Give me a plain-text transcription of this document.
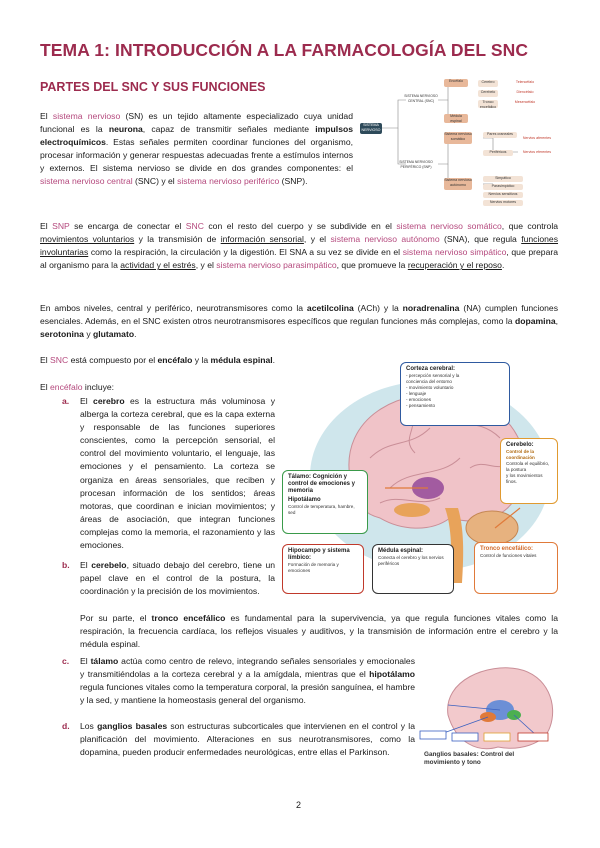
TEMA 1: INTRODUCCIÓN A LA FARMACOLOGÍA DEL SNC
PARTES DEL SNC Y SUS FUNCIONES
El sistema nervioso (SN) es un tejido altamente especializado cuya unidad funcional es la neurona, capaz de transmitir señales mediante impulsos electroquímicos. Estas señales permiten coordinar funciones del organismo, procesar información y generar respuestas adecuadas frente a estímulos internos y externos. El sistema nervioso se divide en dos grandes componentes: el sistema nervioso central (SNC) y el sistema nervioso periférico (SNP).
SISTEMA NERVIOSO
SISTEMA NERVIOSO CENTRAL (SNC)
SISTEMA NERVIOSO PERIFÉRICO (SNP)
Encéfalo
Médula espinal
Cerebro
Cerebelo
Tronco encefálico
Telencéfalo
Diencéfalo
Mesencéfalo
Sistema nervioso somático
Sistema nervioso autónomo
Pares craneales
Nervios aferentes
Periféricos	Nervios eferentes
Simpático
Parasimpático
Nervios sensitivos
Nervios motores
El SNP se encarga de conectar el SNC con el resto del cuerpo y se subdivide en el sistema nervioso somático, que controla movimientos voluntarios y la transmisión de información sensorial, y el sistema nervioso autónomo (SNA), que regula funciones involuntarias como la respiración, la circulación y la digestión. El SNA a su vez se divide en el sistema nervioso simpático, que prepara al organismo para la actividad y el estrés, y el sistema nervioso parasimpático, que promueve la recuperación y el reposo.
En ambos niveles, central y periférico, neurotransmisores como la acetilcolina (ACh) y la noradrenalina (NA) cumplen funciones esenciales. Además, en el SNC existen otros neurotransmisores específicos que regulan funciones más complejas, como la dopamina, serotonina y glutamato.
El SNC está compuesto por el encéfalo y la médula espinal.
El encéfalo incluye:
Corteza cerebral:
- percepción sensorial y la
conciencia del entorno
- movimiento voluntario
- lenguaje
- emociones
- pensamiento
Cerebelo:
Control de la coordinación
Controla el equilibrio, la postura
y los movimientos finos.
Tálamo: Cognición y control de emociones y memoria
Hipotálamo
Control de temperatura, hambre, sed
Hipocampo y sistema límbico:
Formación de memoria y emociones
Médula espinal:
Conecta el cerebro y los nervios periféricos
Tronco encefálico:
Control de funciones vitales
a. El cerebro es la estructura más voluminosa y alberga la corteza cerebral, que es la capa externa y responsable de las funciones superiores conscientes, como la percepción sensorial, el control del movimiento voluntario, el lenguaje, las emociones y el pensamiento. La corteza se organiza en áreas sensoriales, que reciben y procesan información de los sentidos; áreas motoras, que coordinan e inician movimientos; y áreas de asociación, que integran funciones complejas como la memoria, el razonamiento y las emociones.
b. El cerebelo, situado debajo del cerebro, tiene un papel clave en el control de la postura, la coordinación y la precisión de los movimientos.
Por su parte, el tronco encefálico es fundamental para la supervivencia, ya que regula funciones vitales como la respiración, la frecuencia cardíaca, los reflejos visuales y auditivos, y la transmisión de información entre el cerebro y la médula espinal.
c. El tálamo actúa como centro de relevo, integrando señales sensoriales y emocionales y transmitiéndolas a la corteza cerebral y a la amígdala, mientras que el hipotálamo regula funciones vitales como la temperatura corporal, la presión sanguínea, el hambre y la sed, y mantiene la homeostasis general del organismo.
d. Los ganglios basales son estructuras subcorticales que intervienen en el control y la planificación del movimiento. Alteraciones en sus neurotransmisores, como la dopamina, pueden producir enfermedades neurológicas, entre ellas el Parkinson.	Ganglios basales: Control del movimiento y tono
2
